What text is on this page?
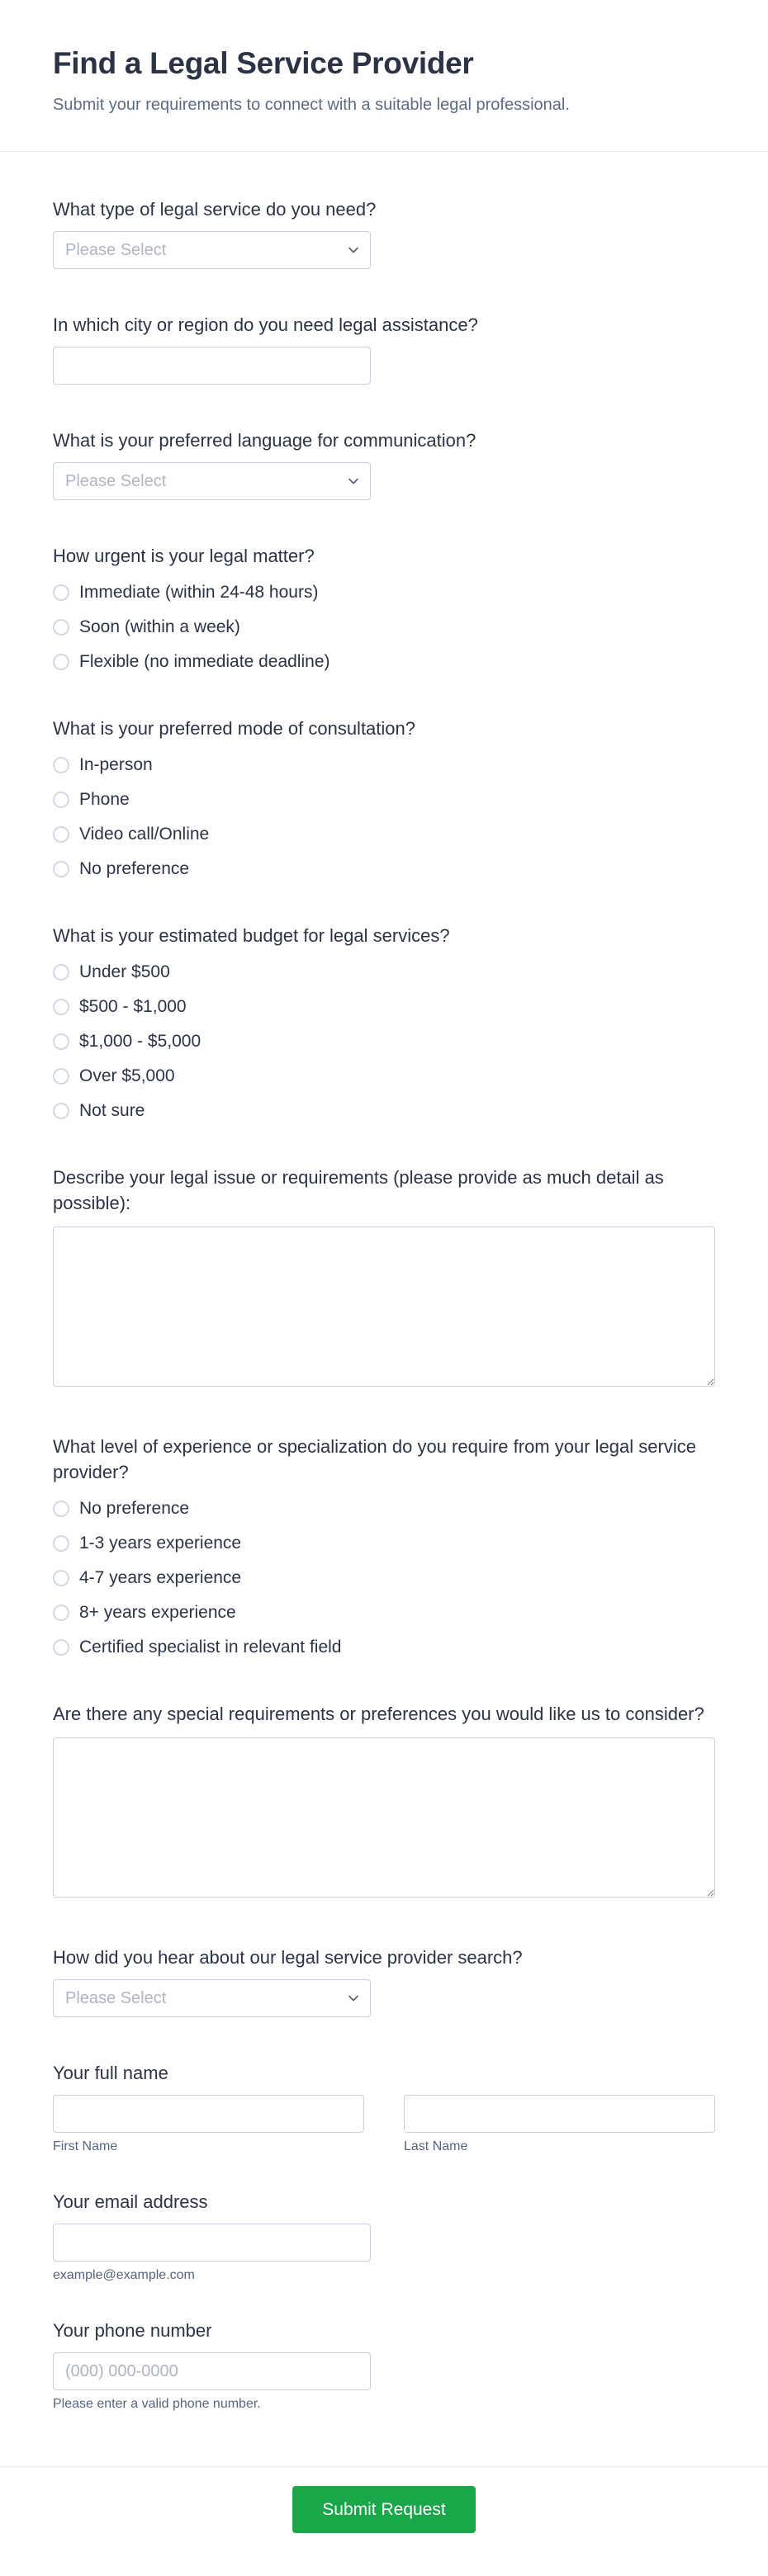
Find a Legal Service Provider
Submit your requirements to connect with a suitable legal professional.
What type of legal service do you need?
Please Select
In which city or region do you need legal assistance?
What is your preferred language for communication?
Please Select
How urgent is your legal matter?
Immediate (within 24-48 hours)
Soon (within a week)
Flexible (no immediate deadline)
What is your preferred mode of consultation?
In-person
Phone
Video call/Online
No preference
What is your estimated budget for legal services?
Under $500
$500 - $1,000
$1,000 - $5,000
Over $5,000
Not sure
Describe your legal issue or requirements (please provide as much detail as possible):
What level of experience or specialization do you require from your legal service provider?
No preference
1-3 years experience
4-7 years experience
8+ years experience
Certified specialist in relevant field
Are there any special requirements or preferences you would like us to consider?
How did you hear about our legal service provider search?
Please Select
Your full name
First Name	Last Name
Your email address
example@example.com
Your phone number
(000) 000-0000
Please enter a valid phone number.
Submit Request
